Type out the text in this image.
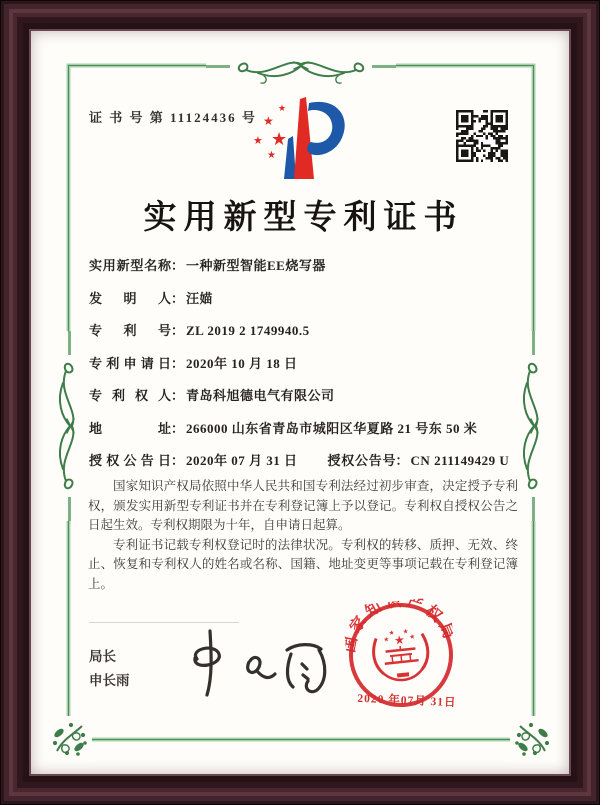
证 书 号 第 11124436 号
★
★
★
★
★
实用新型专利证书
实用新型名称： 一种新型智能EE烧写器
发明人： 汪媌
专利号： ZL 2019 2 1749940.5
专利申请日： 2020年 10 月 18 日
专利权人： 青岛科旭德电气有限公司
地址： 266000 山东省青岛市城阳区华夏路 21 号东 50 米
授权公告日： 2020年 07 月 31 日 授权公告号： CN 211149429 U

国家知识产权局依照中华人民共和国专利法经过初步审查，决定授予专利权，颁发实用新型专利证书并在专利登记簿上予以登记。专利权自授权公告之日起生效。专利权期限为十年，自申请日起算。

专利证书记载专利权登记时的法律状况。专利权的转移、质押、无效、终止、恢复和专利权人的姓名或名称、国籍、地址变更等事项记载在专利登记簿上。

局长
申长雨
国家知识产权局
★
★
★ ★
★
2020 年07月 31日
